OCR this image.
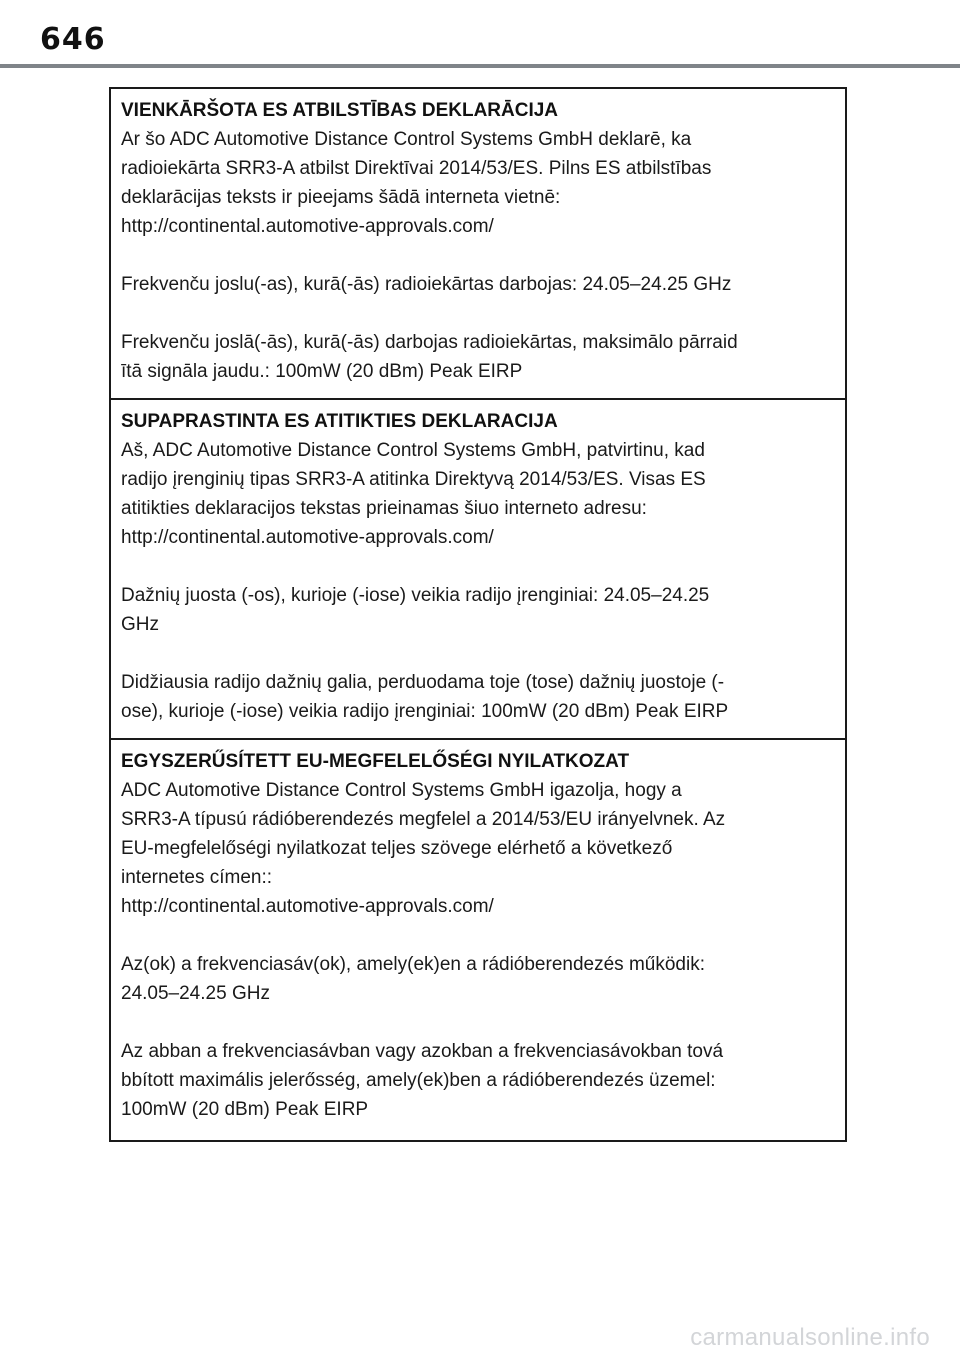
646

VIENKĀRŠOTA ES ATBILSTĪBAS DEKLARĀCIJA

Ar šo ADC Automotive Distance Control Systems GmbH deklarē, ka

radioiekārta SRR3-A atbilst Direktīvai 2014/53/ES. Pilns ES atbilstības

deklarācijas teksts ir pieejams šādā interneta vietnē:

http://continental.automotive-approvals.com/

Frekvenču joslu(-as), kurā(-ās) radioiekārtas darbojas: 24.05–24.25 GHz

Frekvenču joslā(-ās), kurā(-ās) darbojas radioiekārtas, maksimālo pārraid

ītā signāla jaudu.: 100mW (20 dBm) Peak EIRP

SUPAPRASTINTA ES ATITIKTIES DEKLARACIJA

Aš, ADC Automotive Distance Control Systems GmbH, patvirtinu, kad

radijo įrenginių tipas SRR3-A atitinka Direktyvą 2014/53/ES. Visas ES

atitikties deklaracijos tekstas prieinamas šiuo interneto adresu:

http://continental.automotive-approvals.com/

Dažnių juosta (-os), kurioje (-iose) veikia radijo įrenginiai: 24.05–24.25

GHz

Didžiausia radijo dažnių galia, perduodama toje (tose) dažnių juostoje (-

ose), kurioje (-iose) veikia radijo įrenginiai: 100mW (20 dBm) Peak EIRP

EGYSZERŰSÍTETT EU-MEGFELELŐSÉGI NYILATKOZAT

ADC Automotive Distance Control Systems GmbH igazolja, hogy a

SRR3-A típusú rádióberendezés megfelel a 2014/53/EU irányelvnek. Az

EU-megfelelőségi nyilatkozat teljes szövege elérhető a következő

internetes címen::

http://continental.automotive-approvals.com/

Az(ok) a frekvenciasáv(ok), amely(ek)en a rádióberendezés működik:

24.05–24.25 GHz

Az abban a frekvenciasávban vagy azokban a frekvenciasávokban tová

bbított maximális jelerősség, amely(ek)ben a rádióberendezés üzemel:

100mW (20 dBm) Peak EIRP

carmanualsonline.info
